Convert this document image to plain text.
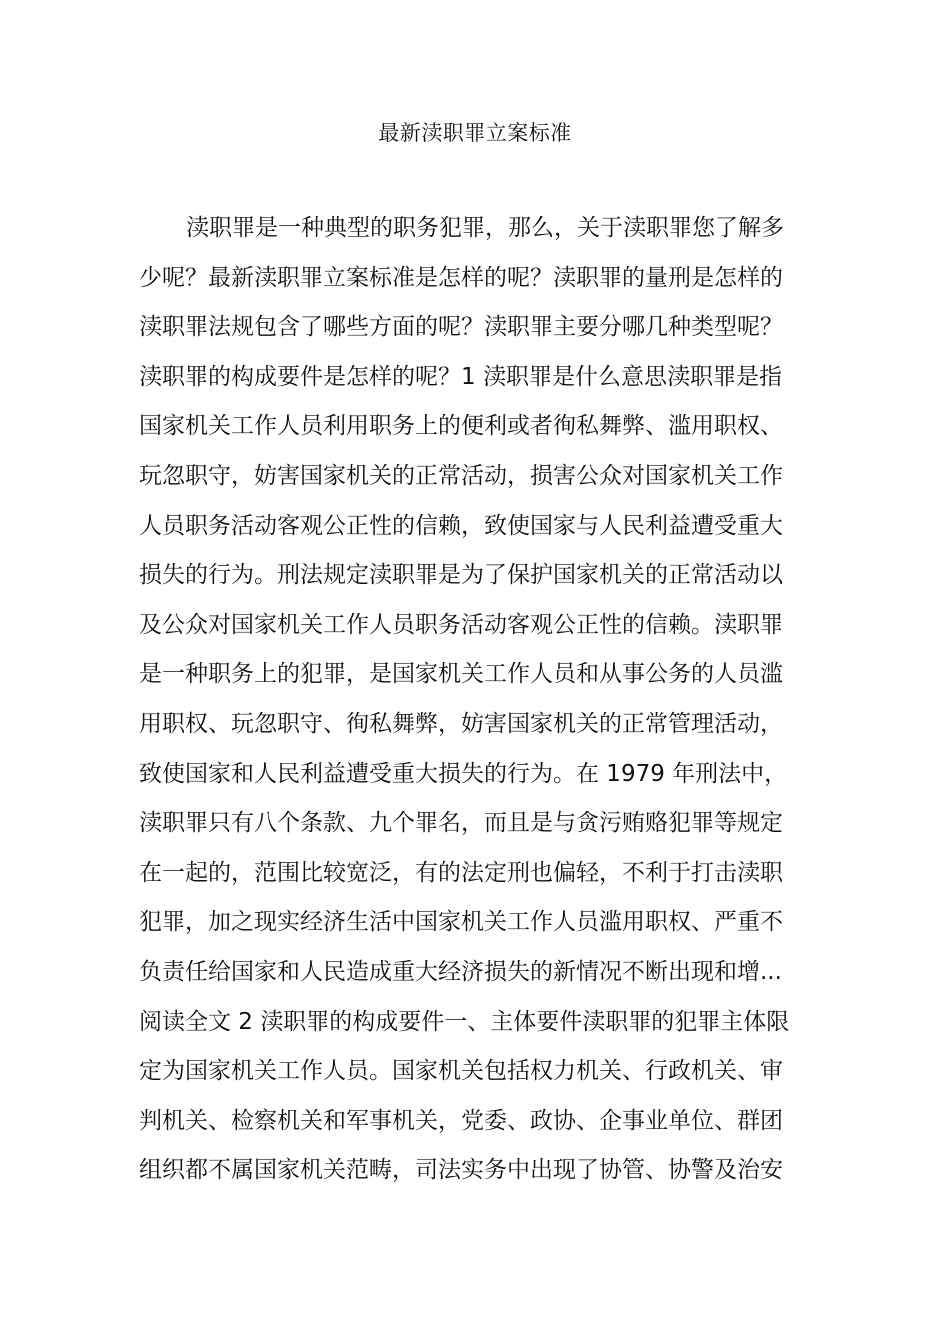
最新渎职罪立案标准
渎职罪是一种典型的职务犯罪，那么，关于渎职罪您了解多
少呢？最新渎职罪立案标准是怎样的呢？渎职罪的量刑是怎样的
渎职罪法规包含了哪些方面的呢？渎职罪主要分哪几种类型呢？
渎职罪的构成要件是怎样的呢？1 渎职罪是什么意思渎职罪是指
国家机关工作人员利用职务上的便利或者徇私舞弊、滥用职权、
玩忽职守，妨害国家机关的正常活动，损害公众对国家机关工作
人员职务活动客观公正性的信赖，致使国家与人民利益遭受重大
损失的行为。刑法规定渎职罪是为了保护国家机关的正常活动以
及公众对国家机关工作人员职务活动客观公正性的信赖。渎职罪
是一种职务上的犯罪，是国家机关工作人员和从事公务的人员滥
用职权、玩忽职守、徇私舞弊，妨害国家机关的正常管理活动，
致使国家和人民利益遭受重大损失的行为。在 1979 年刑法中，
渎职罪只有八个条款、九个罪名，而且是与贪污贿赂犯罪等规定
在一起的，范围比较宽泛，有的法定刑也偏轻，不利于打击渎职
犯罪，加之现实经济生活中国家机关工作人员滥用职权、严重不
负责任给国家和人民造成重大经济损失的新情况不断出现和增...
阅读全文 2 渎职罪的构成要件一、主体要件渎职罪的犯罪主体限
定为国家机关工作人员。国家机关包括权力机关、行政机关、审
判机关、检察机关和军事机关，党委、政协、企事业单位、群团
组织都不属国家机关范畴，司法实务中出现了协管、协警及治安
